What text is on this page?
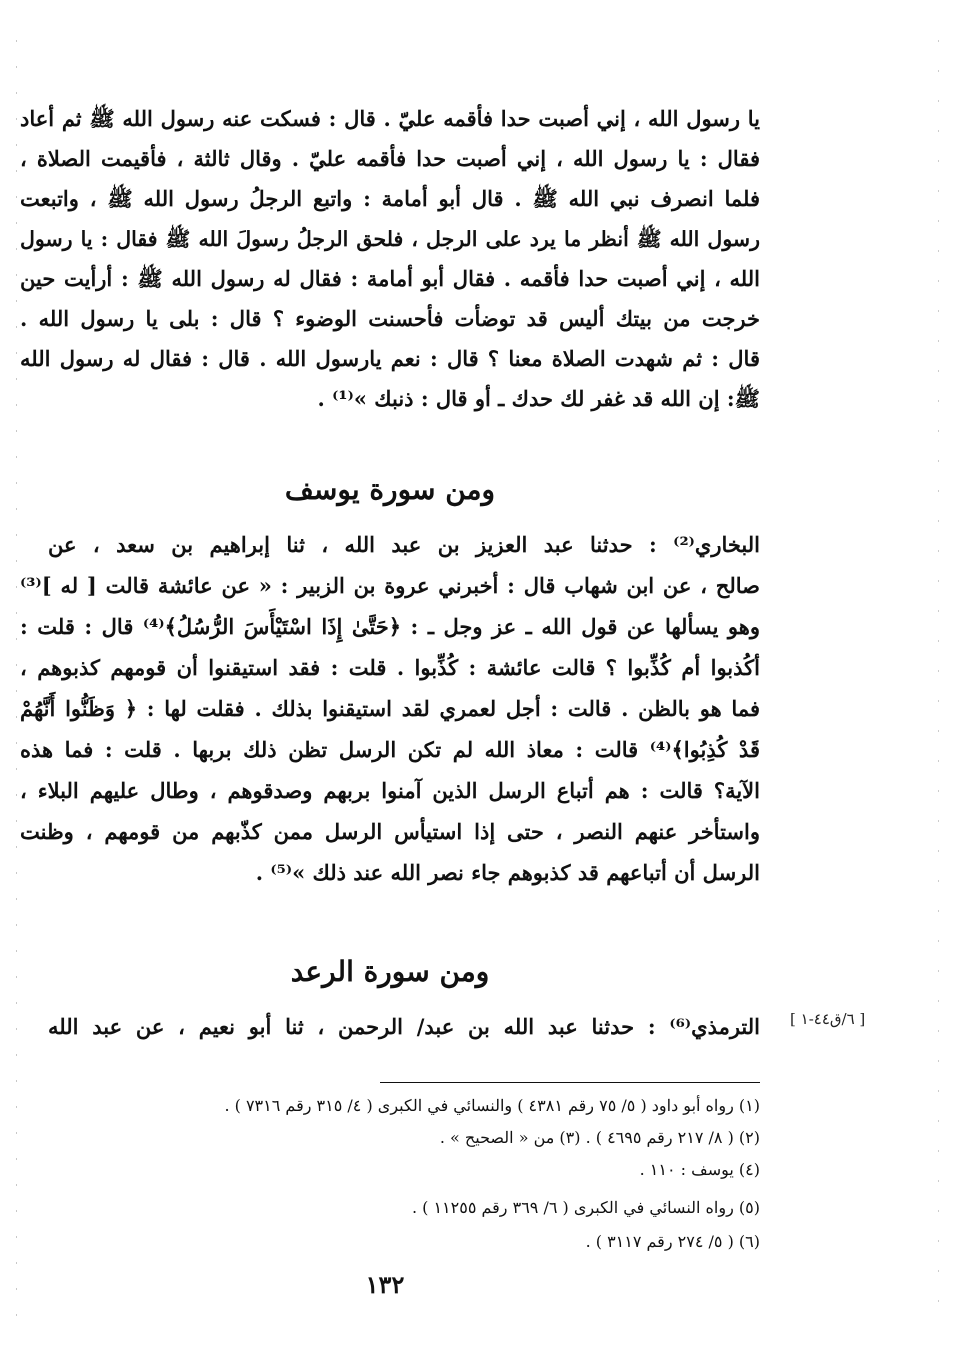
يا رسول الله ، إني أصبت حدا فأقمه عليّ . قال : فسكت عنه رسول الله ﷺ ثم أعاد
فقال : يا رسول الله ، إني أصبت حدا فأقمه عليّ . وقال ثالثة ، فأقيمت الصلاة ،
فلما انصرف نبي الله ﷺ . قال أبو أمامة : واتبع الرجلُ رسول الله ﷺ ، واتبعت
رسول الله ﷺ أنظر ما يرد على الرجل ، فلحق الرجلُ رسولَ الله ﷺ فقال : يا رسول
الله ، إني أصبت حدا فأقمه . فقال أبو أمامة : فقال له رسول الله ﷺ : أرأيت حين
خرجت من بيتك أليس قد توضأت فأحسنت الوضوء ؟ قال : بلى يا رسول الله .
قال : ثم شهدت الصلاة معنا ؟ قال : نعم يارسول الله . قال : فقال له رسول الله
ﷺ: إن الله قد غفر لك حدك ـ أو قال : ذنبك »⁽¹⁾ .
ومن سورة يوسف
البخاري⁽²⁾ : حدثنا عبد العزيز بن عبد الله ، ثنا إبراهيم بن سعد ، عن
صالح ، عن ابن شهاب قال : أخبرني عروة بن الزبير : « عن عائشة قالت [ له ]⁽³⁾
وهو يسألها عن قول الله ـ عز وجل ـ : ﴿حَتَّىٰ إِذَا اسْتَيْأَسَ الرُّسُلُ﴾⁽⁴⁾ قال : قلت :
أكُذبوا أم كُذِّبوا ؟ قالت عائشة : كُذِّبوا . قلت : فقد استيقنوا أن قومهم كذبوهم ،
فما هو بالظن . قالت : أجل لعمري لقد استيقنوا بذلك . فقلت لها : ﴿ وَظَنُّوا أَنَّهُمْ
قَدْ كُذِبُوا﴾⁽⁴⁾ قالت : معاذ الله لم تكن الرسل تظن ذلك بربها . قلت : فما هذه
الآية؟ قالت : هم أتباع الرسل الذين آمنوا بربهم وصدقوهم ، وطال عليهم البلاء ،
واستأخر عنهم النصر ، حتى إذا استيأس الرسل ممن كذّبهم من قومهم ، وظنت
الرسل أن أتباعهم قد كذبوهم جاء نصر الله عند ذلك »⁽⁵⁾ .
ومن سورة الرعد
الترمذي⁽⁶⁾ : حدثنا عبد الله بن عبد/ الرحمن ، ثنا أبو نعيم ، عن عبد الله [ ٦/ق٤٤-١ ]
(١) رواه أبو داود ( ٥/ ٧٥ رقم ٤٣٨١ ) والنسائي في الكبرى ( ٤/ ٣١٥ رقم ٧٣١٦ ) .
(٢) ( ٨/ ٢١٧ رقم ٤٦٩٥ ) . (٣) من « الصحيح » .
(٤) يوسف : ١١٠ .
(٥) رواه النسائي في الكبرى ( ٦/ ٣٦٩ رقم ١١٢٥٥ ) .
(٦) ( ٥/ ٢٧٤ رقم ٣١١٧ ) .
١٣٢
